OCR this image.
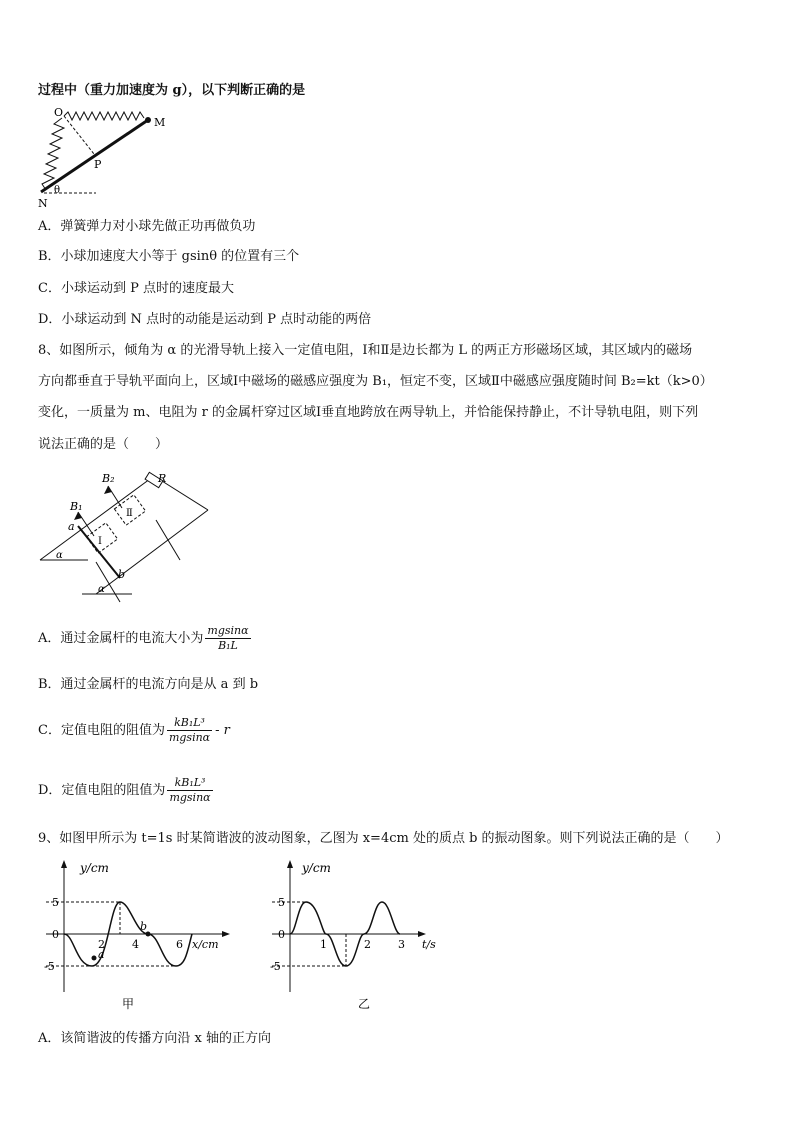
过程中（重力加速度为 g），以下判断正确的是
O
M
P
N
θ
A．弹簧弹力对小球先做正功再做负功
B．小球加速度大小等于 gsinθ 的位置有三个
C．小球运动到 P 点时的速度最大
D．小球运动到 N 点时的动能是运动到 P 点时动能的两倍
8、如图所示，倾角为 α 的光滑导轨上接入一定值电阻，Ⅰ和Ⅱ是边长都为 L 的两正方形磁场区域，其区域内的磁场
方向都垂直于导轨平面向上，区域Ⅰ中磁场的磁感应强度为 B₁，恒定不变，区域Ⅱ中磁感应强度随时间 B₂=kt（k>0）
变化，一质量为 m、电阻为 r 的金属杆穿过区域Ⅰ垂直地跨放在两导轨上，并恰能保持静止，不计导轨电阻，则下列
说法正确的是（　　）
B₂	R
B₁
a
Ⅱ
Ⅰ
b
α
α
A．通过金属杆的电流大小为 $\frac{mgsin\alpha}{\text{B₁L}}$
B．通过金属杆的电流方向是从 a 到 b
C．定值电阻的阻值为 $\frac{\text{kB₁L³}}{mgsin\alpha}$ - r
D．定值电阻的阻值为 $\frac{\text{kB₁L³}}{mgsin\alpha}$
9、如图甲所示为 t=1s 时某简谐波的波动图象，乙图为 x=4cm 处的质点 b 的振动图象。则下列说法正确的是（　　）
y/cm
5
0
-5
2 4	6 x/cm
b
a
甲
y/cm
5
0
-5
1	2 3 t/s
乙
A．该简谐波的传播方向沿 x 轴的正方向
